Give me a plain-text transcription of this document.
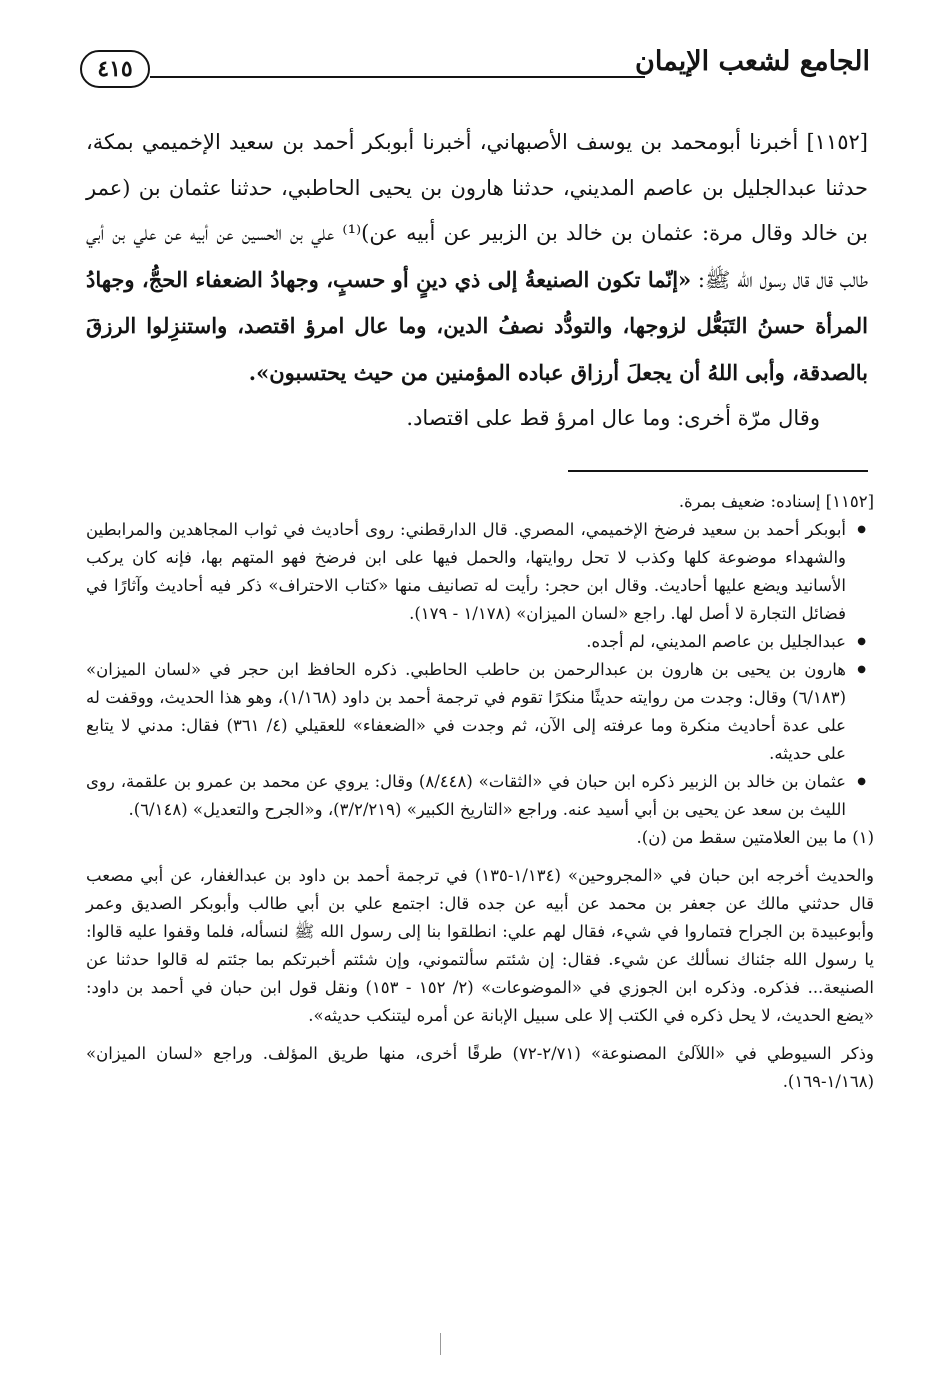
الجامع لشعب الإيمان
٤١٥

[١١٥٢] أخبرنا أبومحمد بن يوسف الأصبهاني، أخبرنا أبوبكر أحمد بن سعيد الإخميمي بمكة، حدثنا عبدالجليل بن عاصم المديني، حدثنا هارون بن يحيى الحاطبي، حدثنا عثمان بن (عمر بن خالد وقال مرة: عثمان بن خالد بن الزبير عن أبيه عن)⁽¹⁾ علي بن الحسين عن أبيه عن علي بن أبي طالب قال قال رسول الله ﷺ: «إنّما تكون الصنيعةُ إلى ذي دينٍ أو حسبٍ، وجهادُ الضعفاء الحجُّ، وجهادُ المرأة حسنُ التَبَعُّل لزوجها، والتودُّد نصفُ الدين، وما عال امرؤ اقتصد، واستنزِلوا الرزقَ بالصدقة، وأبى اللهُ أن يجعلَ أرزاق عباده المؤمنين من حيث يحتسبون».

وقال مرّة أخرى: وما عال امرؤ قط على اقتصاد.

[١١٥٢] إسناده: ضعيف بمرة.

● أبوبكر أحمد بن سعيد فرضخ الإخميمي، المصري. قال الدارقطني: روى أحاديث في ثواب المجاهدين والمرابطين والشهداء موضوعة كلها وكذب لا تحل روايتها، والحمل فيها على ابن فرضخ فهو المتهم بها، فإنه كان يركب الأسانيد ويضع عليها أحاديث. وقال ابن حجر: رأيت له تصانيف منها «كتاب الاحتراف» ذكر فيه أحاديث وآثارًا في فضائل التجارة لا أصل لها. راجع «لسان الميزان» (١/١٧٨ - ١٧٩).
● عبدالجليل بن عاصم المديني، لم أجده.
● هارون بن يحيى بن هارون بن عبدالرحمن بن حاطب الحاطبي. ذكره الحافظ ابن حجر في «لسان الميزان» (٦/١٨٣) وقال: وجدت من روايته حديثًا منكرًا تقوم في ترجمة أحمد بن داود (١/١٦٨)، وهو هذا الحديث، ووقفت له على عدة أحاديث منكرة وما عرفته إلى الآن، ثم وجدت في «الضعفاء» للعقيلي (٤/ ٣٦١) فقال: مدني لا يتابع على حديثه.
● عثمان بن خالد بن الزبير ذكره ابن حبان في «الثقات» (٨/٤٤٨) وقال: يروي عن محمد بن عمرو بن علقمة، روى الليث بن سعد عن يحيى بن أبي أسيد عنه. وراجع «التاريخ الكبير» (٣/٢/٢١٩)، و«الجرح والتعديل» (٦/١٤٨).

(١) ما بين العلامتين سقط من (ن).

والحديث أخرجه ابن حبان في «المجروحين» (١/١٣٤-١٣٥) في ترجمة أحمد بن داود بن عبدالغفار، عن أبي مصعب قال حدثني مالك عن جعفر بن محمد عن أبيه عن جده قال: اجتمع علي بن أبي طالب وأبوبكر الصديق وعمر وأبوعبيدة بن الجراح فتماروا في شيء، فقال لهم علي: انطلقوا بنا إلى رسول الله ﷺ لنسأله، فلما وقفوا عليه قالوا: يا رسول الله جئناك نسألك عن شيء. فقال: إن شئتم سألتموني، وإن شئتم أخبرتكم بما جئتم له قالوا حدثنا عن الصنيعة... فذكره. وذكره ابن الجوزي في «الموضوعات» (٢/ ١٥٢ - ١٥٣) ونقل قول ابن حبان في أحمد بن داود: «يضع الحديث، لا يحل ذكره في الكتب إلا على سبيل الإبانة عن أمره ليتنكب حديثه».

وذكر السيوطي في «اللآلئ المصنوعة» (٢/٧١-٧٢) طرقًا أخرى، منها طريق المؤلف. وراجع «لسان الميزان» (١/١٦٨-١٦٩).
